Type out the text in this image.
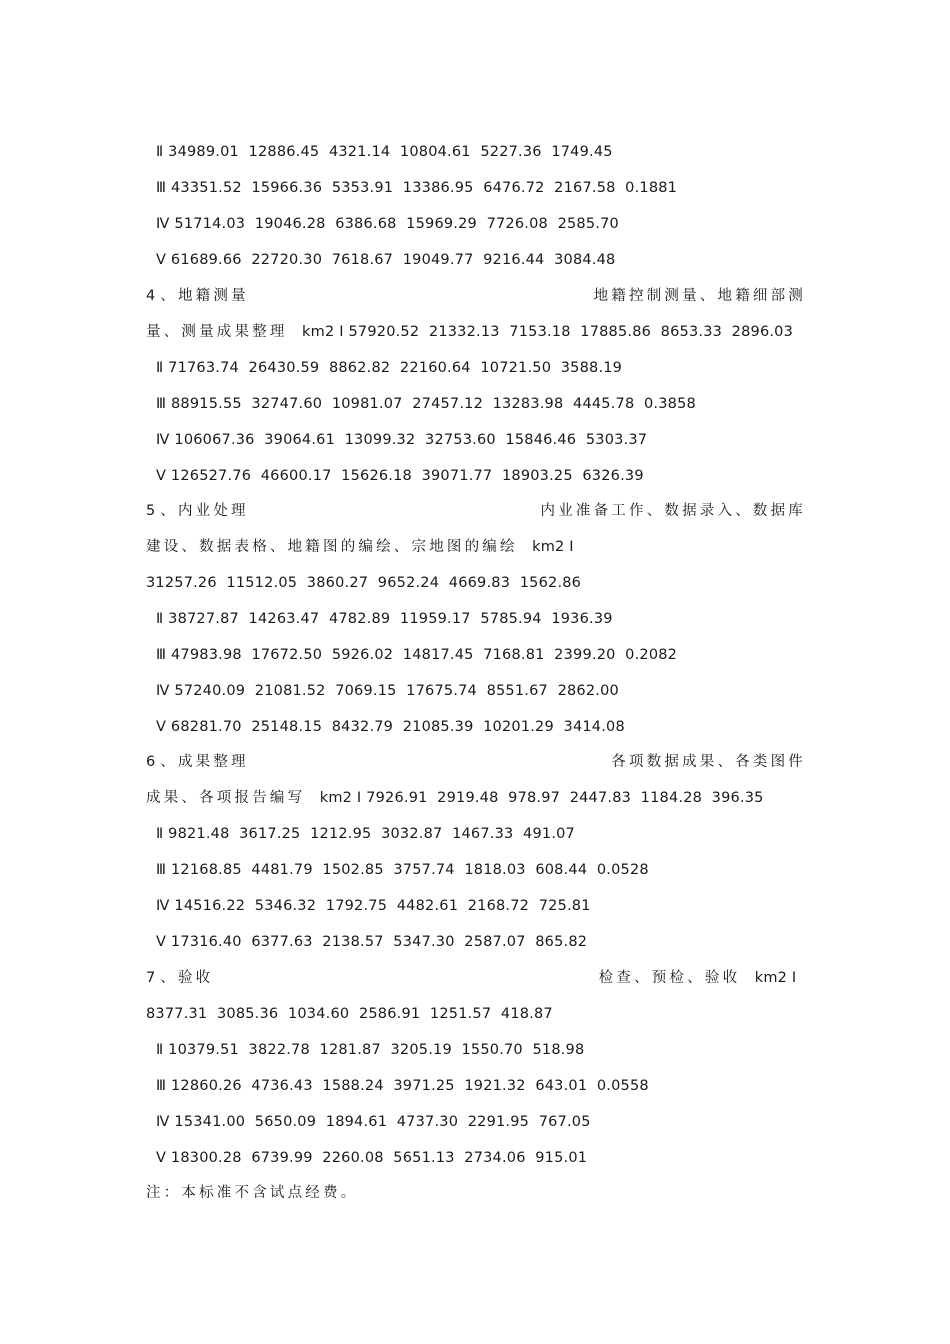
Ⅱ 34989.01  12886.45  4321.14  10804.61  5227.36  1749.45
Ⅲ 43351.52  15966.36  5353.91  13386.95  6476.72  2167.58  0.1881
Ⅳ 51714.03  19046.28  6386.68  15969.29  7726.08  2585.70
Ⅴ 61689.66  22720.30  7618.67  19049.77  9216.44  3084.48
4 、地籍测量	地籍控制测量、地籍细部测
量、测量成果整理 km2 Ⅰ 57920.52  21332.13  7153.18  17885.86  8653.33  2896.03
Ⅱ 71763.74  26430.59  8862.82  22160.64  10721.50  3588.19
Ⅲ 88915.55  32747.60  10981.07  27457.12  13283.98  4445.78  0.3858
Ⅳ 106067.36  39064.61  13099.32  32753.60  15846.46  5303.37
Ⅴ 126527.76  46600.17  15626.18  39071.77  18903.25  6326.39
5 、内业处理	内业准备工作、数据录入、数据库
建设、数据表格、地籍图的编绘、宗地图的编绘 km2 Ⅰ
31257.26  11512.05  3860.27  9652.24  4669.83  1562.86
Ⅱ 38727.87  14263.47  4782.89  11959.17  5785.94  1936.39
Ⅲ 47983.98  17672.50  5926.02  14817.45  7168.81  2399.20  0.2082
Ⅳ 57240.09  21081.52  7069.15  17675.74  8551.67  2862.00
Ⅴ 68281.70  25148.15  8432.79  21085.39  10201.29  3414.08
6 、成果整理	各项数据成果、各类图件
成果、各项报告编写 km2 Ⅰ 7926.91  2919.48  978.97  2447.83  1184.28  396.35
Ⅱ 9821.48  3617.25  1212.95  3032.87  1467.33  491.07
Ⅲ 12168.85  4481.79  1502.85  3757.74  1818.03  608.44  0.0528
Ⅳ 14516.22  5346.32  1792.75  4482.61  2168.72  725.81
Ⅴ 17316.40  6377.63  2138.57  5347.30  2587.07  865.82
7 、验收	检查、预检、验收 km2 Ⅰ
8377.31  3085.36  1034.60  2586.91  1251.57  418.87
Ⅱ 10379.51  3822.78  1281.87  3205.19  1550.70  518.98
Ⅲ 12860.26  4736.43  1588.24  3971.25  1921.32  643.01  0.0558
Ⅳ 15341.00  5650.09  1894.61  4737.30  2291.95  767.05
Ⅴ 18300.28  6739.99  2260.08  5651.13  2734.06  915.01
注：本标准不含试点经费。
